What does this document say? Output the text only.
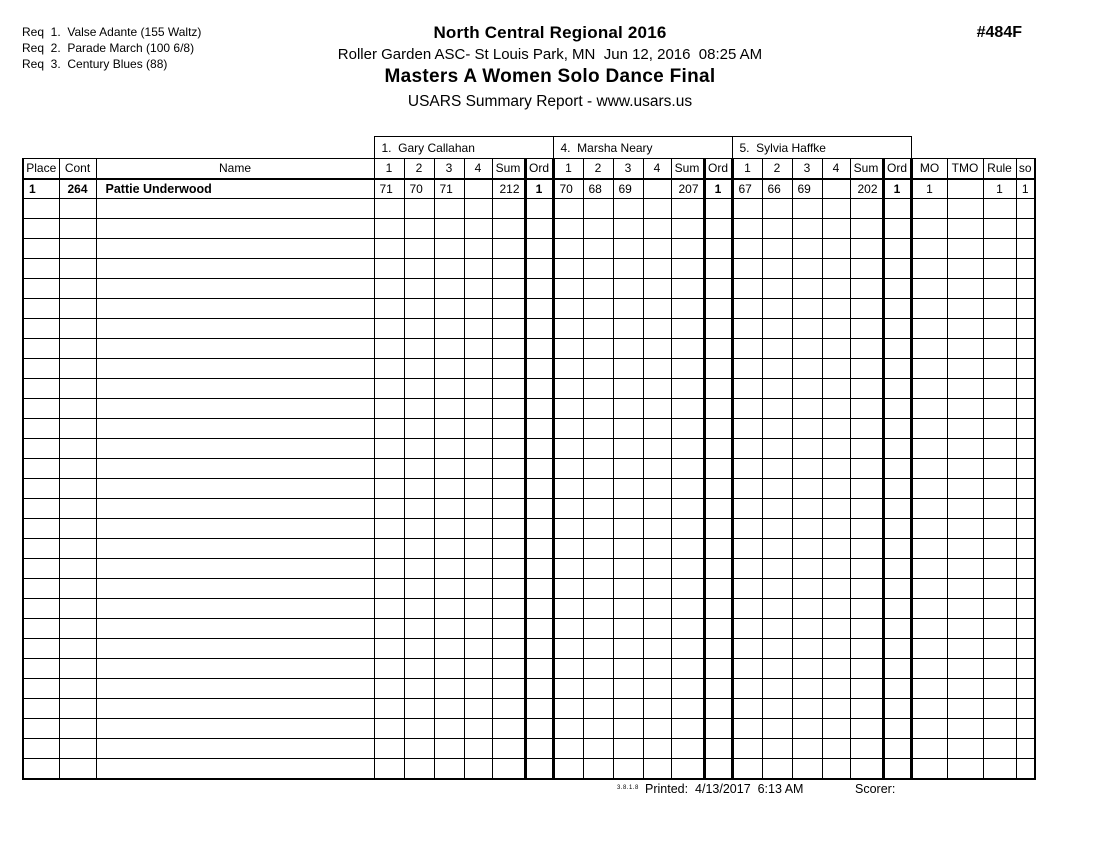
Req  1.  Valse Adante (155 Waltz)
Req  2.  Parade March (100 6/8)
Req  3.  Century Blues (88)
North Central Regional 2016
Roller Garden ASC- St Louis Park, MN  Jun 12, 2016  08:25 AM
Masters A Women Solo Dance Final
USARS Summary Report - www.usars.us
#484F
			1.  Gary Callahan						4.  Marsha Neary						5.  Sylvia Haffke									
Place	Cont	Name	1	2	3	4	Sum	Ord	1	2	3	4	Sum	Ord	1	2	3	4	Sum	Ord	MO	TMO	Rule	so
1	264	Pattie Underwood	71	70	71		212	1	70	68	69		207	1	67	66	69		202	1	1		1	1

3.8.1.8 Printed: 4/13/2017  6:13 AM	Scorer:
